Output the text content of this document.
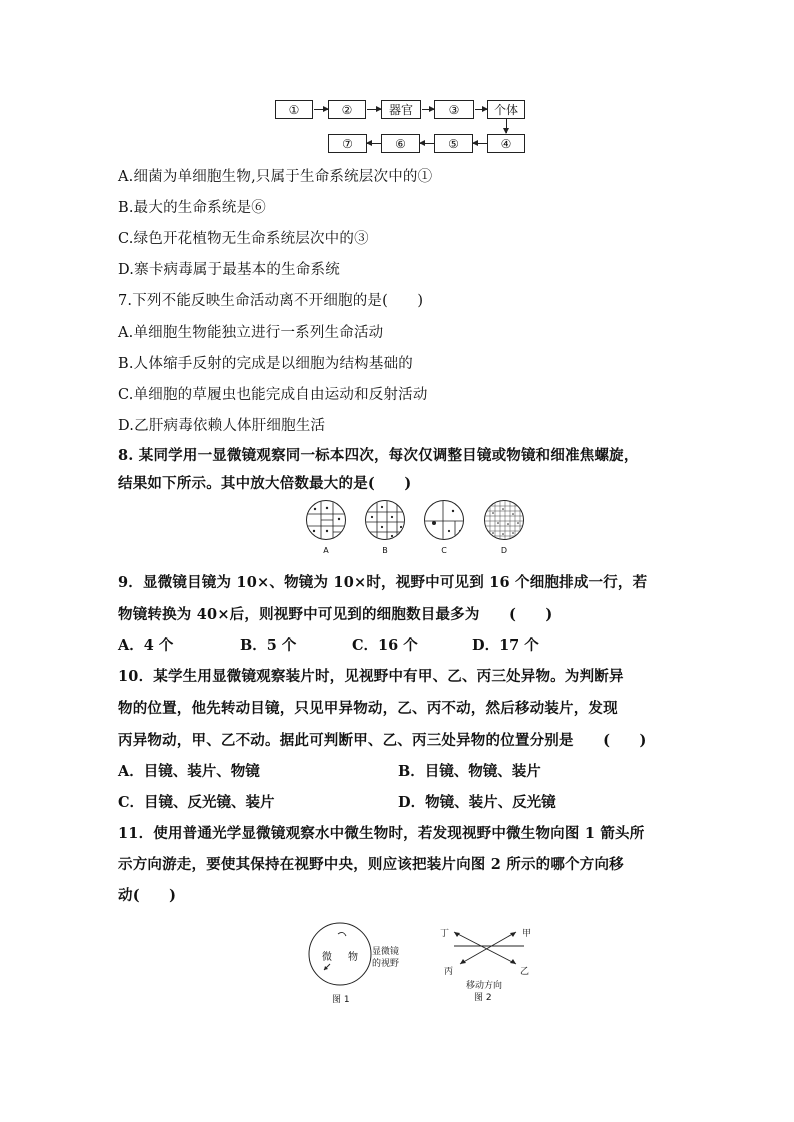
①	②	器官	③	个体
④
⑤
⑥
⑦
A.细菌为单细胞生物,只属于生命系统层次中的①
B.最大的生命系统是⑥
C.绿色开花植物无生命系统层次中的③
D.寨卡病毒属于最基本的生命系统
7.下列不能反映生命活动离不开细胞的是(　　)
A.单细胞生物能独立进行一系列生命活动
B.人体缩手反射的完成是以细胞为结构基础的
C.单细胞的草履虫也能完成自由运动和反射活动
D.乙肝病毒依赖人体肝细胞生活
8. 某同学用一显微镜观察同一标本四次，每次仅调整目镜或物镜和细准焦螺旋，
结果如下所示。其中放大倍数最大的是(　　)
A	B	C	D
9．显微镜目镜为 10×、物镜为 10×时，视野中可见到 16 个细胞排成一行，若
物镜转换为 40×后，则视野中可见到的细胞数目最多为　　(　　)
A．4 个	B．5 个	C．16 个	D．17 个
10．某学生用显微镜观察装片时，见视野中有甲、乙、丙三处异物。为判断异
物的位置，他先转动目镜，只见甲异物动，乙、丙不动，然后移动装片，发现
丙异物动，甲、乙不动。据此可判断甲、乙、丙三处异物的位置分别是　　(　　)
A．目镜、装片、物镜	B．目镜、物镜、装片
C．目镜、反光镜、装片	D．物镜、装片、反光镜
11．使用普通光学显微镜观察水中微生物时，若发现视野中微生物向图 1 箭头所
示方向游走，要使其保持在视野中央，则应该把装片向图 2 所示的哪个方向移
动(　　)
微 物 显微镜
的视野
图 1
丁	甲
丙	乙
移动方向
图 2
